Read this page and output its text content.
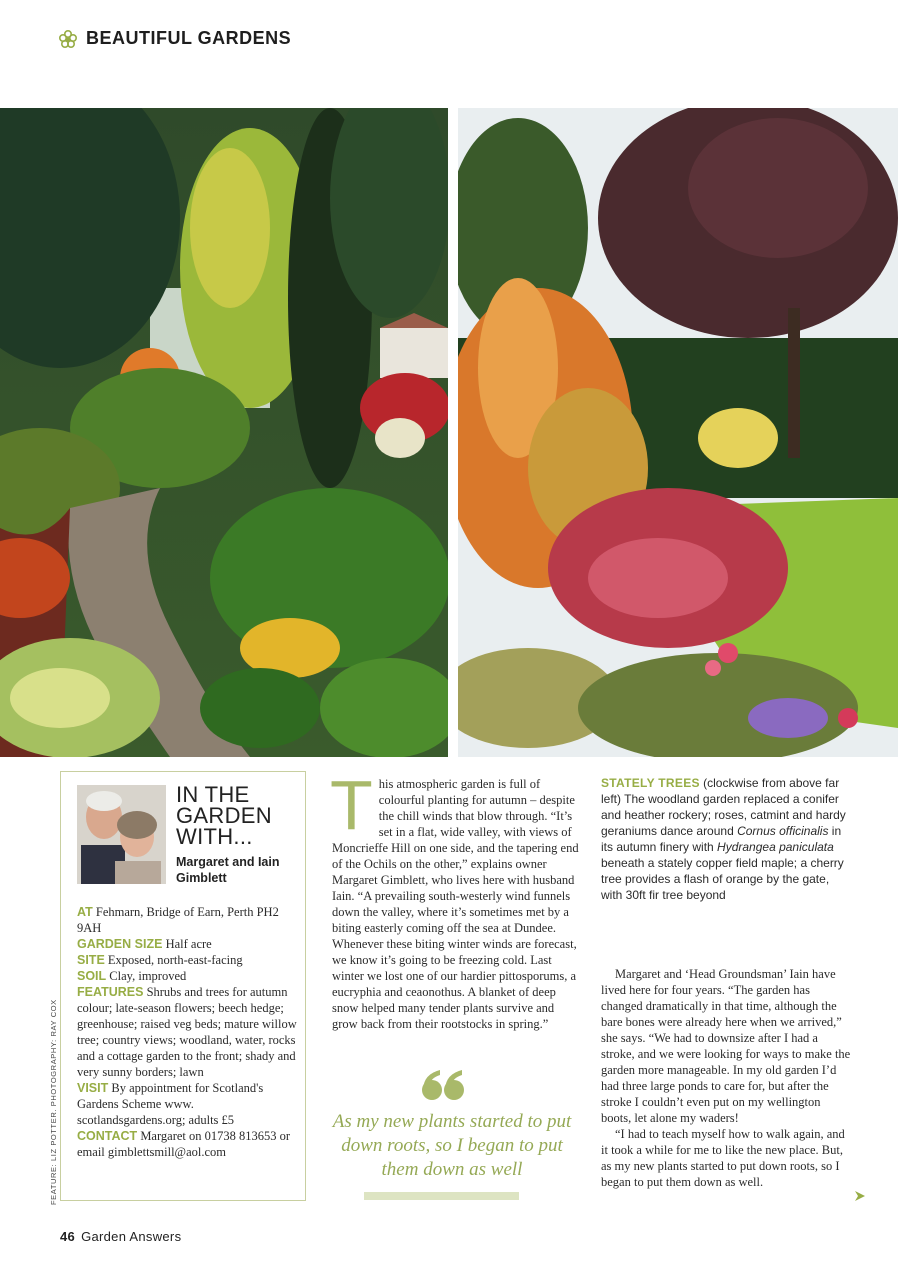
BEAUTIFUL GARDENS
FEATURE: LIZ POTTER. PHOTOGRAPHY: RAY COX
IN THE GARDEN WITH...
Margaret and Iain Gimblett

AT Fehmarn, Bridge of Earn, Perth PH2 9AH

GARDEN SIZE Half acre

SITE Exposed, north-east-facing

SOIL Clay, improved

FEATURES Shrubs and trees for autumn colour; late-season flowers; beech hedge; greenhouse; raised veg beds; mature willow tree; country views; woodland, water, rocks and a cottage garden to the front; shady and very sunny borders; lawn

VISIT By appointment for Scotland's Gardens Scheme www. scotlandsgardens.org; adults £5

CONTACT Margaret on 01738 813653 or email gimblettsmill@aol.com

This atmospheric garden is full of colourful planting for autumn – despite the chill winds that blow through. “It’s set in a flat, wide valley, with views of Moncrieffe Hill on one side, and the tapering end of the Ochils on the other,” explains owner Margaret Gimblett, who lives here with husband Iain. “A prevailing south-westerly wind funnels down the valley, where it’s sometimes met by a biting easterly coming off the sea at Dundee. Whenever these biting winter winds are forecast, we know it’s going to be freezing cold. Last winter we lost one of our hardier pittosporums, a eucryphia and ceaonothus. A blanket of deep snow helped many tender plants survive and grow back from their rootstocks in spring.”

As my new plants started to put down roots, so I began to put them down as well
STATELY TREES (clockwise from above far left) The woodland garden replaced a conifer and heather rockery; roses, catmint and hardy geraniums dance around Cornus officinalis in its autumn finery with Hydrangea paniculata beneath a stately copper field maple; a cherry tree provides a flash of orange by the gate, with 30ft fir tree beyond

Margaret and ‘Head Groundsman’ Iain have lived here for four years. “The garden has changed dramatically in that time, although the bare bones were already here when we arrived,” she says. “We had to downsize after I had a stroke, and we were looking for ways to make the garden more manageable. In my old garden I’d had three large ponds to care for, but after the stroke I couldn’t even put on my wellington boots, let alone my waders!

“I had to teach myself how to walk again, and it took a while for me to like the new place. But, as my new plants started to put down roots, so I began to put them down as well.

46 Garden Answers
